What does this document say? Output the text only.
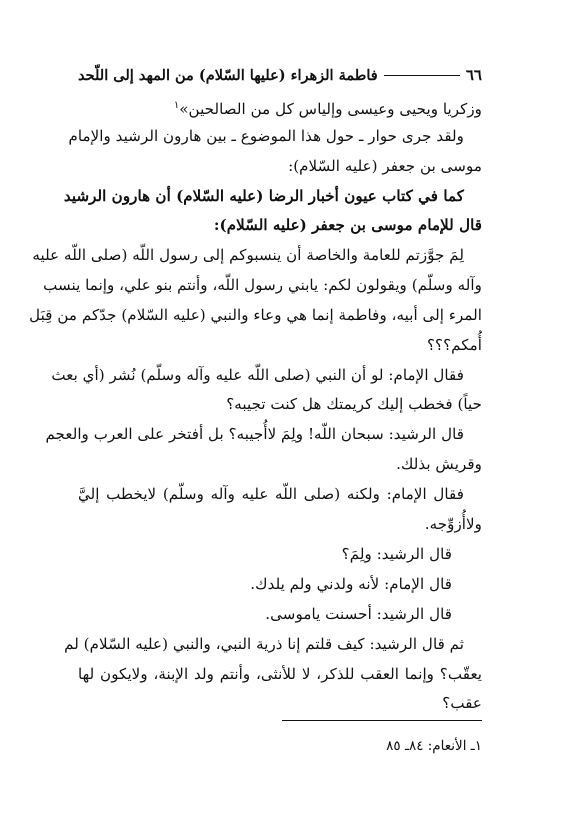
٦٦
فاطمة الزهراء (عليها السّلام) من المهد إلى اللّحد
وزكريا ويحيى وعيسى وإلياس كل من الصالحين»$^١$
ولقد جرى حوار ـ حول هذا الموضوع ـ بين هارون الرشيد والإمام
موسى بن جعفر (عليه السّلام):
كما في كتاب عيون أخبار الرضا (عليه السّلام) أن هارون الرشيد
قال للإمام موسى بن جعفر (عليه السّلام):
لِمَ جوَّزتم للعامة والخاصة أن ينسبوكم إلى رسول اللّه (صلى اللّه عليه
وآله وسلّم) ويقولون لكم: يابني رسول اللّه، وأنتم بنو علي، وإنما ينسب
المرء إلى أبيه، وفاطمة إنما هي وعاء والنبي (عليه السّلام) جدّكم من قِبَل
أُمكم؟؟؟
فقال الإمام: لو أن النبي (صلى اللّه عليه وآله وسلّم) نُشر (أي بعث
حياً) فخطب إليك كريمتك هل كنت تجيبه؟
قال الرشيد: سبحان اللّه! ولِمَ لاأُجيبه؟ بل أفتخر على العرب والعجم
وقريش بذلك.
فقال الإمام: ولكنه (صلى اللّه عليه وآله وسلّم) لايخطب إليَّ
ولاأُزوِّجه.
قال الرشيد: ولِمَ؟
قال الإمام: لأنه ولدني ولم يلدك.
قال الرشيد: أحسنت ياموسى.
ثم قال الرشيد: كيف قلتم إنا ذرية النبي، والنبي (عليه السّلام) لم
يعقّب؟ وإنما العقب للذكر، لا للأنثى، وأنتم ولد الإبنة، ولايكون لها
عقب؟
١ـ الأنعام: ٨٤ـ ٨٥
